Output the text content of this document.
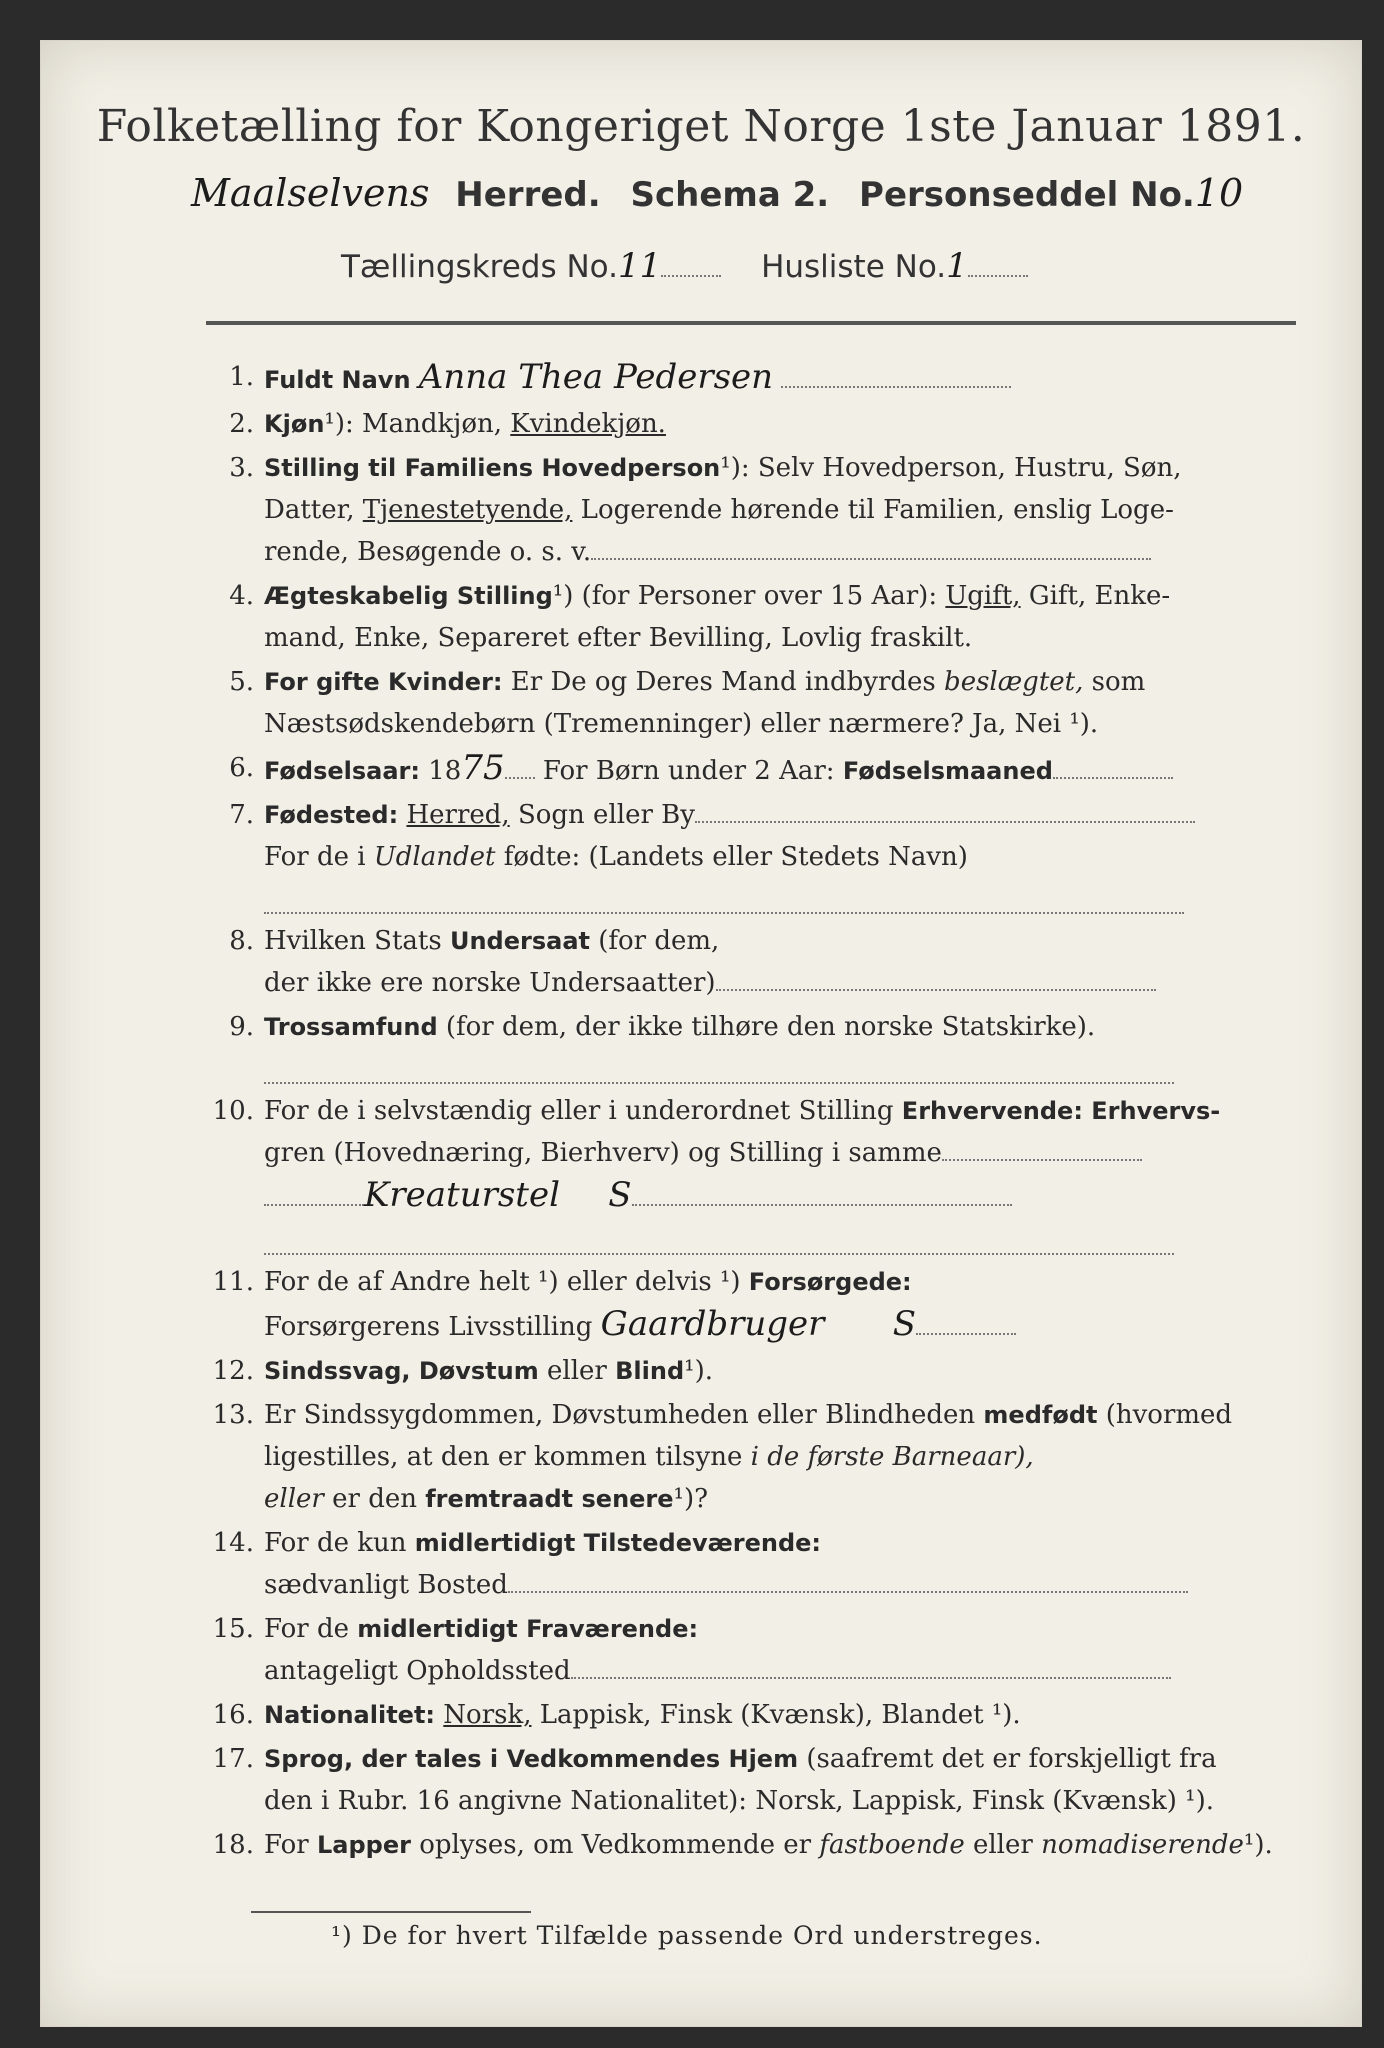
Folketælling for Kongeriget Norge 1ste Januar 1891.
Maalselvens Herred. Schema 2. Personseddel No.10
Tællingskreds No.11	Husliste No.1
1. Fuldt Navn Anna Thea Pedersen
2. Kjøn¹): Mandkjøn, Kvindekjøn.
3. Stilling til Familiens Hovedperson¹): Selv Hovedperson, Hustru, Søn,
Datter, Tjenestetyende, Logerende hørende til Familien, enslig Loge-
rende, Besøgende o. s. v.
4. Ægteskabelig Stilling¹) (for Personer over 15 Aar): Ugift, Gift, Enke-
mand, Enke, Separeret efter Bevilling, Lovlig fraskilt.
5. For gifte Kvinder: Er De og Deres Mand indbyrdes beslægtet, som
Næstsødskendebørn (Tremenninger) eller nærmere? Ja, Nei ¹).
6. Fødselsaar: 1875 For Børn under 2 Aar: Fødselsmaaned
7. Fødested: Herred, Sogn eller By
For de i Udlandet fødte: (Landets eller Stedets Navn)
8. Hvilken Stats Undersaat (for dem,
der ikke ere norske Undersaatter)
9. Trossamfund (for dem, der ikke tilhøre den norske Statskirke).
10. For de i selvstændig eller i underordnet Stilling Erhvervende: Erhvervs-
gren (Hovednæring, Bierhverv) og Stilling i samme
Kreaturstel S
11. For de af Andre helt ¹) eller delvis ¹) Forsørgede:
Forsørgerens Livsstilling Gaardbruger S
12. Sindssvag, Døvstum eller Blind¹).
13. Er Sindssygdommen, Døvstumheden eller Blindheden medfødt (hvormed
ligestilles, at den er kommen tilsyne i de første Barneaar),
eller er den fremtraadt senere¹)?
14. For de kun midlertidigt Tilstedeværende:
sædvanligt Bosted
15. For de midlertidigt Fraværende:
antageligt Opholdssted
16. Nationalitet: Norsk, Lappisk, Finsk (Kvænsk), Blandet ¹).
17. Sprog, der tales i Vedkommendes Hjem (saafremt det er forskjelligt fra
den i Rubr. 16 angivne Nationalitet): Norsk, Lappisk, Finsk (Kvænsk) ¹).
18. For Lapper oplyses, om Vedkommende er fastboende eller nomadiserende¹).
¹) De for hvert Tilfælde passende Ord understreges.
